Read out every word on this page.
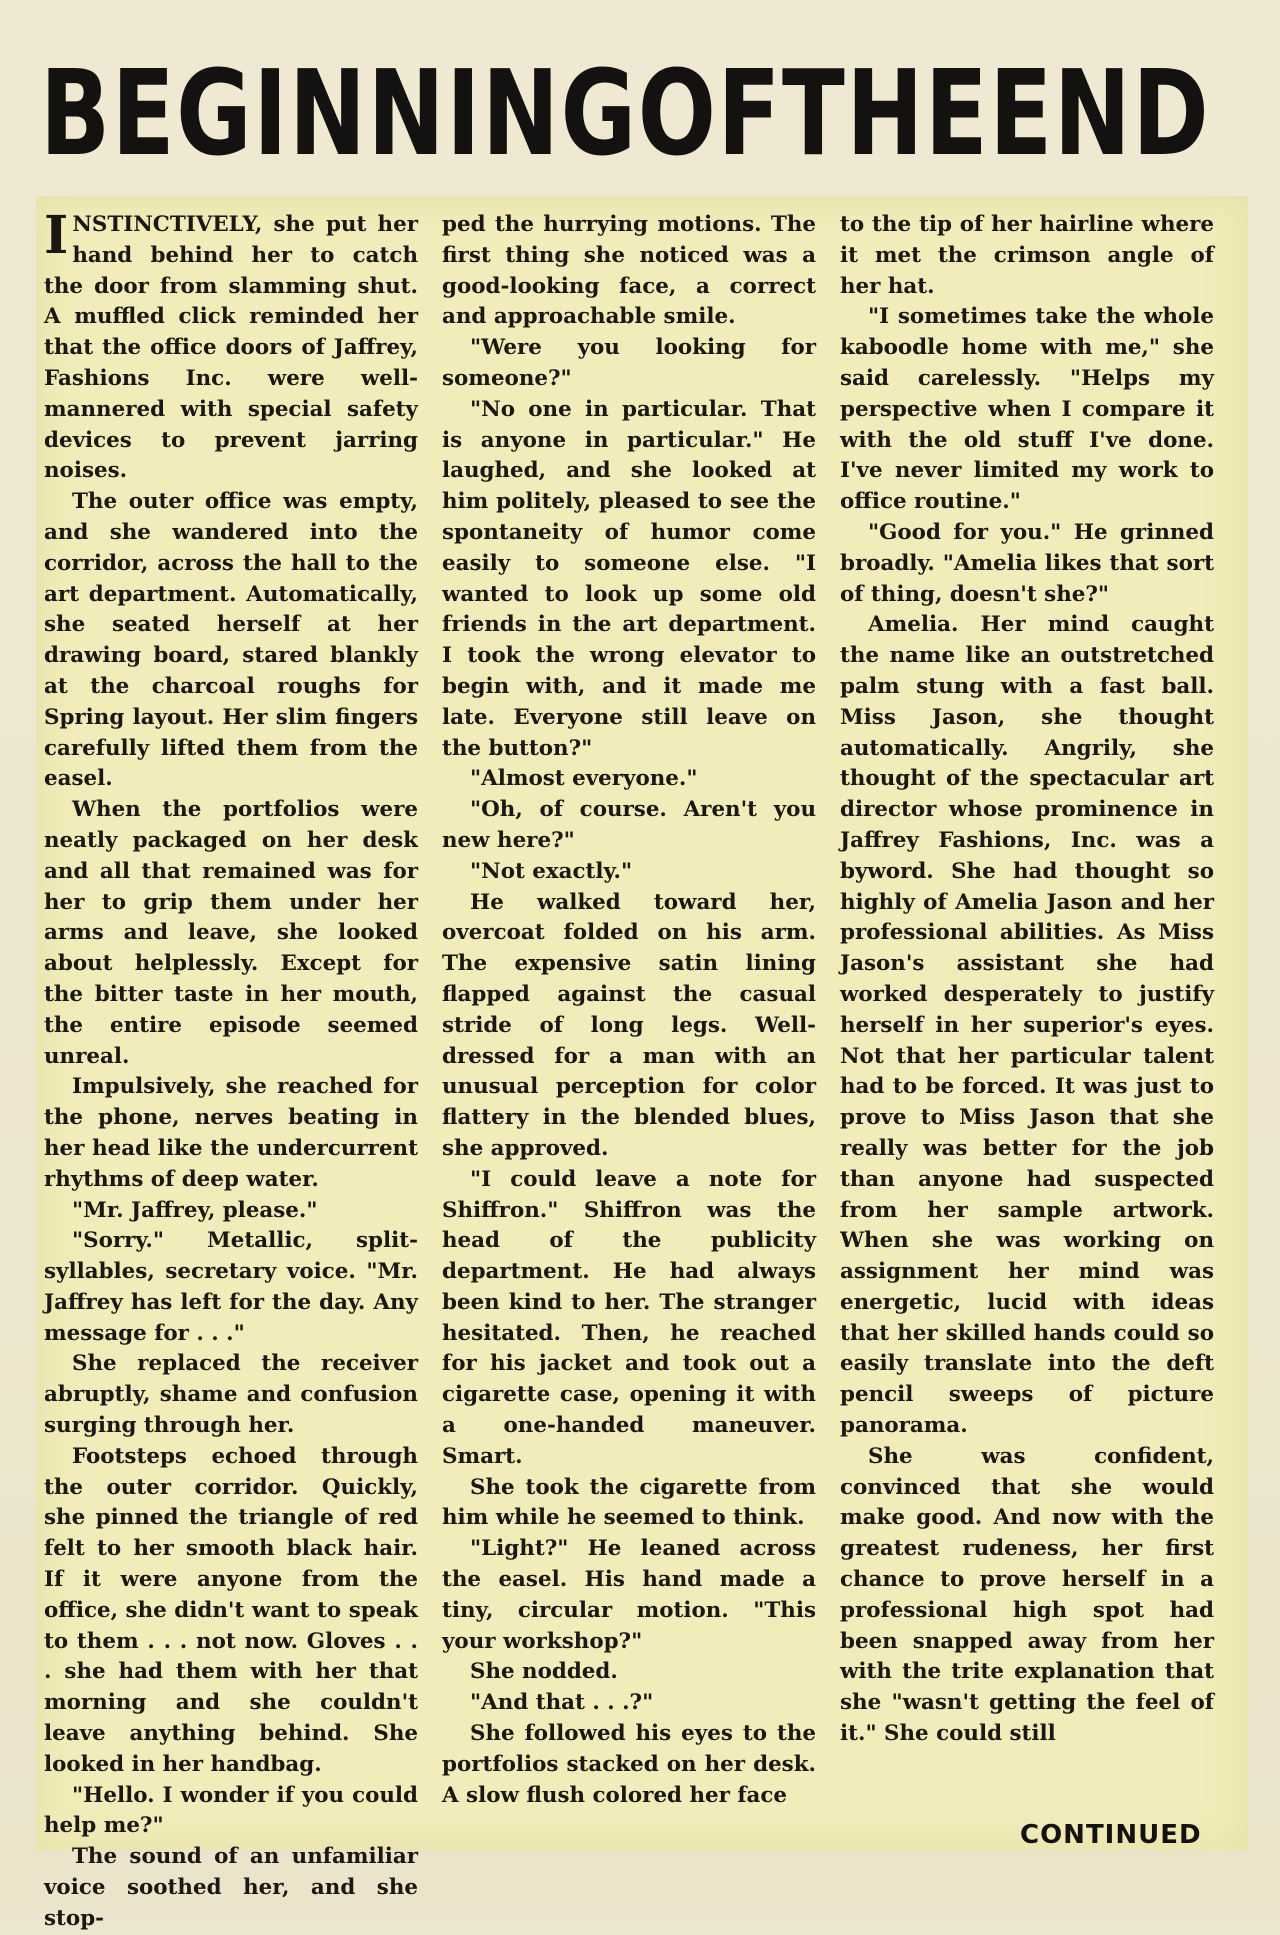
BEGINNING OF THE END

INSTINCTIVELY, she put her hand behind her to catch the door from slamming shut. A muffled click reminded her that the office doors of Jaffrey, Fashions Inc. were well-mannered with special safety devices to prevent jarring noises.

The outer office was empty, and she wandered into the corridor, across the hall to the art department. Automatically, she seated herself at her drawing board, stared blankly at the charcoal roughs for Spring layout. Her slim fingers carefully lifted them from the easel.

When the portfolios were neatly packaged on her desk and all that remained was for her to grip them under her arms and leave, she looked about helplessly. Except for the bitter taste in her mouth, the entire episode seemed unreal.

Impulsively, she reached for the phone, nerves beating in her head like the undercurrent rhythms of deep water.

"Mr. Jaffrey, please."

"Sorry." Metallic, split-syllables, secretary voice. "Mr. Jaffrey has left for the day. Any message for . . ."

She replaced the receiver abruptly, shame and confusion surging through her.

Footsteps echoed through the outer corridor. Quickly, she pinned the triangle of red felt to her smooth black hair. If it were anyone from the office, she didn't want to speak to them . . . not now. Gloves . . . she had them with her that morning and she couldn't leave anything behind. She looked in her handbag.

"Hello. I wonder if you could help me?"

The sound of an unfamiliar voice soothed her, and she stop-

ped the hurrying motions. The first thing she noticed was a good-looking face, a correct and approachable smile.

"Were you looking for someone?"

"No one in particular. That is anyone in particular." He laughed, and she looked at him politely, pleased to see the spontaneity of humor come easily to someone else. "I wanted to look up some old friends in the art department. I took the wrong elevator to begin with, and it made me late. Everyone still leave on the button?"

"Almost everyone."

"Oh, of course. Aren't you new here?"

"Not exactly."

He walked toward her, overcoat folded on his arm. The expensive satin lining flapped against the casual stride of long legs. Well-dressed for a man with an unusual perception for color flattery in the blended blues, she approved.

"I could leave a note for Shiffron." Shiffron was the head of the publicity department. He had always been kind to her. The stranger hesitated. Then, he reached for his jacket and took out a cigarette case, opening it with a one-handed maneuver. Smart.

She took the cigarette from him while he seemed to think.

"Light?" He leaned across the easel. His hand made a tiny, circular motion. "This your workshop?"

She nodded.

"And that . . .?"

She followed his eyes to the portfolios stacked on her desk. A slow flush colored her face

to the tip of her hairline where it met the crimson angle of her hat.

"I sometimes take the whole kaboodle home with me," she said carelessly. "Helps my perspective when I compare it with the old stuff I've done. I've never limited my work to office routine."

"Good for you." He grinned broadly. "Amelia likes that sort of thing, doesn't she?"

Amelia. Her mind caught the name like an outstretched palm stung with a fast ball. Miss Jason, she thought automatically. Angrily, she thought of the spectacular art director whose prominence in Jaffrey Fashions, Inc. was a byword. She had thought so highly of Amelia Jason and her professional abilities. As Miss Jason's assistant she had worked desperately to justify herself in her superior's eyes. Not that her particular talent had to be forced. It was just to prove to Miss Jason that she really was better for the job than anyone had suspected from her sample artwork. When she was working on assignment her mind was energetic, lucid with ideas that her skilled hands could so easily translate into the deft pencil sweeps of picture panorama.

She was confident, convinced that she would make good. And now with the greatest rudeness, her first chance to prove herself in a professional high spot had been snapped away from her with the trite explanation that she "wasn't getting the feel of it." She could still

CONTINUED
